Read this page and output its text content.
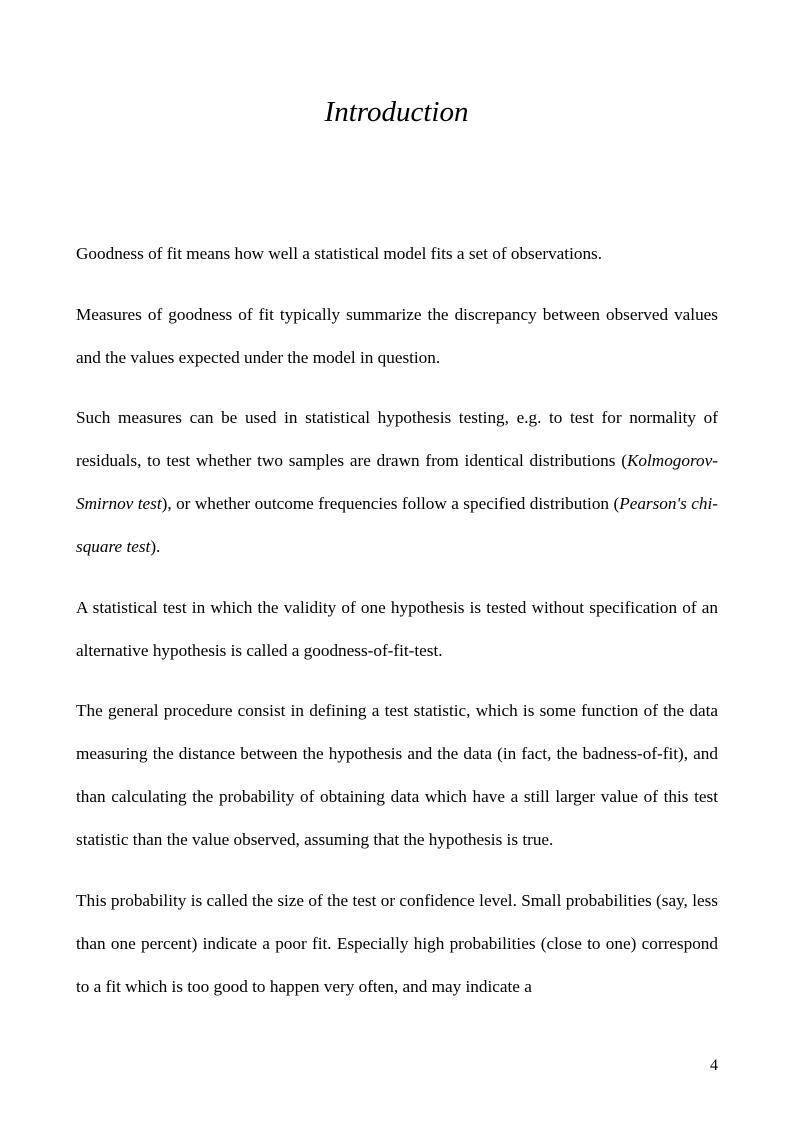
Introduction

Goodness of fit means how well a statistical model fits a set of observations.

Measures of goodness of fit typically summarize the discrepancy between observed values and the values expected under the model in question.

Such measures can be used in statistical hypothesis testing, e.g. to test for normality of residuals, to test whether two samples are drawn from identical distributions (Kolmogorov-Smirnov test), or whether outcome frequencies follow a specified distribution (Pearson's chi-square test).

A statistical test in which the validity of one hypothesis is tested without specification of an alternative hypothesis is called a goodness-of-fit-test.

The general procedure consist in defining a test statistic, which is some function of the data measuring the distance between the hypothesis and the data (in fact, the badness-of-fit), and than calculating the probability of obtaining data which have a still larger value of this test statistic than the value observed, assuming that the hypothesis is true.

This probability is called the size of the test or confidence level. Small probabilities (say, less than one percent) indicate a poor fit. Especially high probabilities (close to one) correspond to a fit which is too good to happen very often, and may indicate a

4
